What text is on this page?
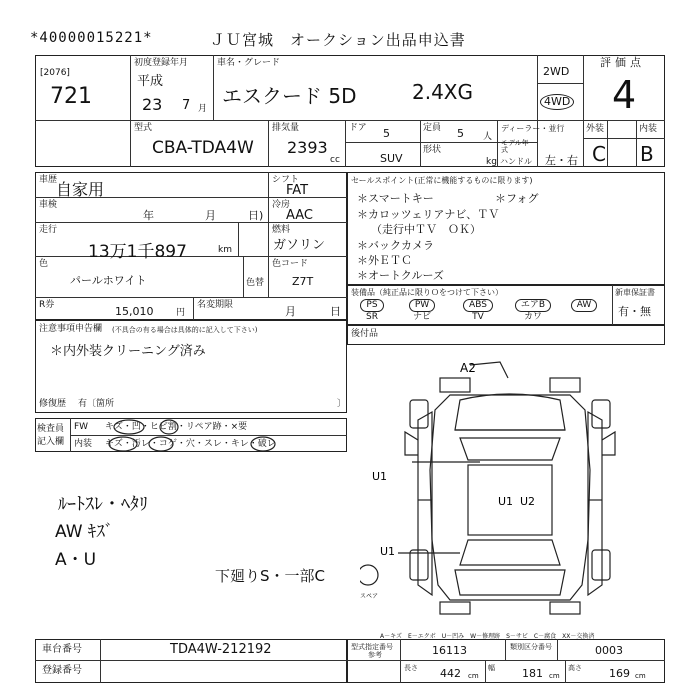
*40000015221*	ＪＵ宮城　オークション出品申込書
[2076]
721
初度登録年月
平成
23 7 月
車名・グレード
エスクード 5D	2.4XG
2WD
4WD
評価点
4
外装	内装
C B
型式
CBA-TDA4W
排気量
2393
cc
ドア 5	定員 5 人
形状
SUV	kg
ディーラー・並行
モデル年式
ハンドル 左・右
車歴
自家用
車検
年	月	日)
走行
13万1千897	km
シフト
FAT
冷房
AAC
燃料
ガソリン
色
パールホワイト	色替
色コード
Z7T
R券	15,010	円
名変期限	月	日
セールスポイント(正常に機能するものに限ります)
＊スマートキー	＊フォグ
＊カロッツェリアナビ、ＴＶ
（走行中ＴＶ　ＯＫ）
＊バックカメラ
＊外ＥＴＣ
＊オートクルーズ
装備品（純正品に限りＯをつけて下さい）
PS
SR
PW
ナビ
ABS
TV
エアB
カワ
AW
新車保証書
有・無
後付品
注意事項申告欄 (不具合の有る場合は具体的に記入して下さい)
＊内外装クリーニング済み
修復歴 有〔箇所	〕
検査員
記入欄
FW キズ・凹・ヒビ割・リペア跡・×要
内装 キズ・汚レ・コゲ・穴・スレ・キレ・破レ
ﾙｰﾄｽﾚ・ﾍﾀﾘ
AW ｷｽﾞ
A・U
下廻りS・一部C
A2
U1
U1
U2
U1
スペア
A－キズ　E－エクボ　U－凹み　W－修理跡　S－サビ　C－腐食　XX－交換済
車台番号	TDA4W-212192
登録番号
型式指定番号
参考	16113	類別区分番号	0003
長さ 442 cm
幅 181 cm
高さ 169 cm
